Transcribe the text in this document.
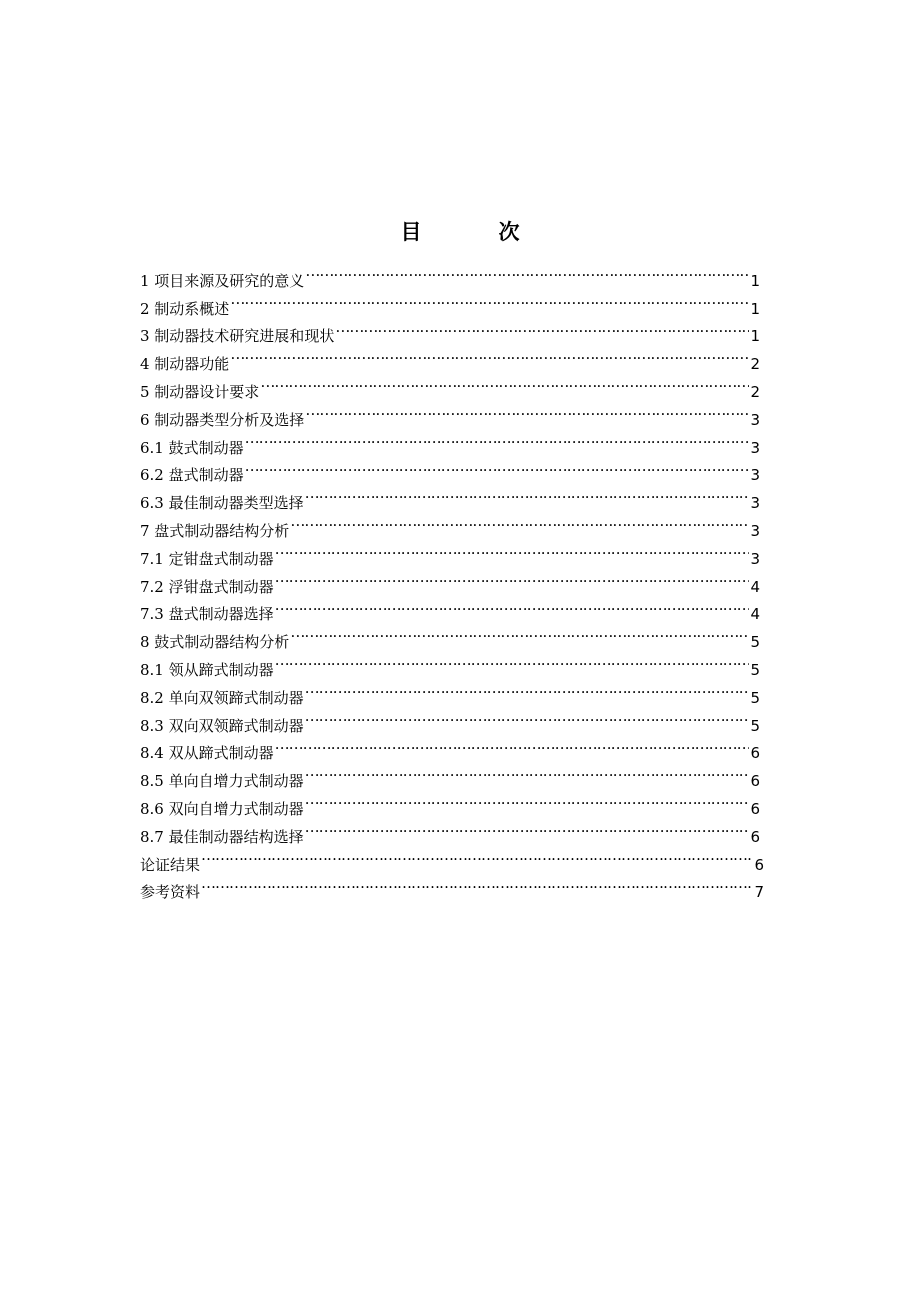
目　次
1 项目来源及研究的意义 …………………………………………………………………………………………………………………………………………………………………………………………………………………………	1
2 制动系概述 …………………………………………………………………………………………………………………………………………………………………………………………………………………………	1
3 制动器技术研究进展和现状 …………………………………………………………………………………………………………………………………………………………………………………………………………………………	1
4 制动器功能 …………………………………………………………………………………………………………………………………………………………………………………………………………………………	2
5 制动器设计要求 …………………………………………………………………………………………………………………………………………………………………………………………………………………………	2
6 制动器类型分析及选择 …………………………………………………………………………………………………………………………………………………………………………………………………………………………	3
6.1 鼓式制动器 …………………………………………………………………………………………………………………………………………………………………………………………………………………………	3
6.2 盘式制动器 …………………………………………………………………………………………………………………………………………………………………………………………………………………………	3
6.3 最佳制动器类型选择 …………………………………………………………………………………………………………………………………………………………………………………………………………………………	3
7 盘式制动器结构分析 …………………………………………………………………………………………………………………………………………………………………………………………………………………………	3
7.1 定钳盘式制动器 …………………………………………………………………………………………………………………………………………………………………………………………………………………………	3
7.2 浮钳盘式制动器 …………………………………………………………………………………………………………………………………………………………………………………………………………………………	4
7.3 盘式制动器选择 …………………………………………………………………………………………………………………………………………………………………………………………………………………………	4
8 鼓式制动器结构分析 …………………………………………………………………………………………………………………………………………………………………………………………………………………………	5
8.1 领从蹄式制动器 …………………………………………………………………………………………………………………………………………………………………………………………………………………………	5
8.2 单向双领蹄式制动器 …………………………………………………………………………………………………………………………………………………………………………………………………………………………	5
8.3 双向双领蹄式制动器 …………………………………………………………………………………………………………………………………………………………………………………………………………………………	5
8.4 双从蹄式制动器 …………………………………………………………………………………………………………………………………………………………………………………………………………………………	6
8.5 单向自增力式制动器 …………………………………………………………………………………………………………………………………………………………………………………………………………………………	6
8.6 双向自增力式制动器 …………………………………………………………………………………………………………………………………………………………………………………………………………………………	6
8.7 最佳制动器结构选择 …………………………………………………………………………………………………………………………………………………………………………………………………………………………	6
论证结果 …………………………………………………………………………………………………………………………………………………………………………………………………………………………	6
参考资料 …………………………………………………………………………………………………………………………………………………………………………………………………………………………	7
